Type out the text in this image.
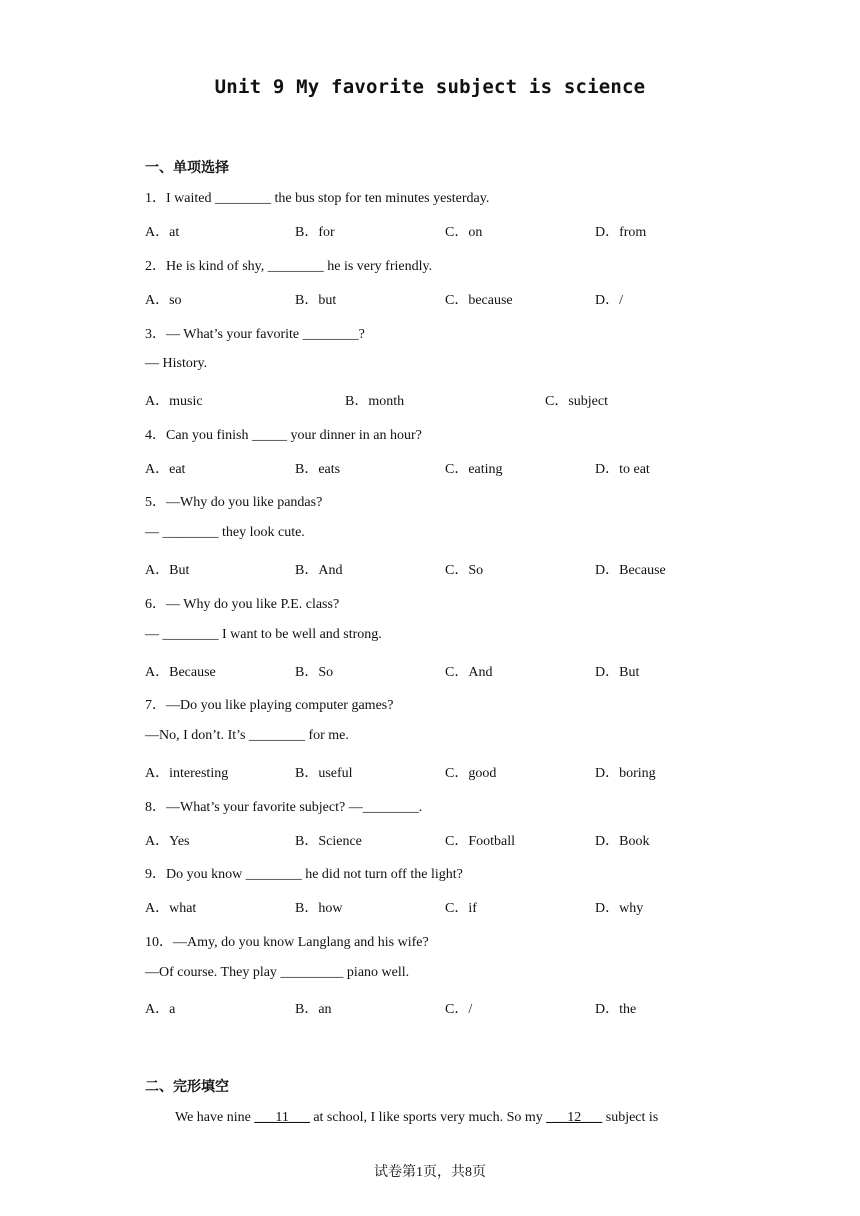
Unit 9 My favorite subject is science
一、单项选择
1．I waited ________ the bus stop for ten minutes yesterday.
A．at	B．for	C．on	D．from
2．He is kind of shy, ________ he is very friendly.
A．so	B．but	C．because	D．/
3．— What’s your favorite ________?
— History.
A．music	B．month	C．subject
4．Can you finish _____ your dinner in an hour?
A．eat	B．eats	C．eating	D．to eat
5．—Why do you like pandas?
— ________ they look cute.
A．But	B．And	C．So	D．Because
6．— Why do you like P.E. class?
— ________ I want to be well and strong.
A．Because	B．So	C．And	D．But
7．—Do you like playing computer games?
—No, I don’t. It’s ________ for me.
A．interesting	B．useful	C．good	D．boring
8．—What’s your favorite subject? —________.
A．Yes	B．Science	C．Football	D．Book
9．Do you know ________ he did not turn off the light?
A．what	B．how	C．if	D．why
10．—Amy, do you know Langlang and his wife?
—Of course. They play _________ piano well.
A．a	B．an	C．/	D．the
二、完形填空
We have nine ___11___ at school, I like sports very much. So my ___12___ subject is
试卷第1页，共8页
